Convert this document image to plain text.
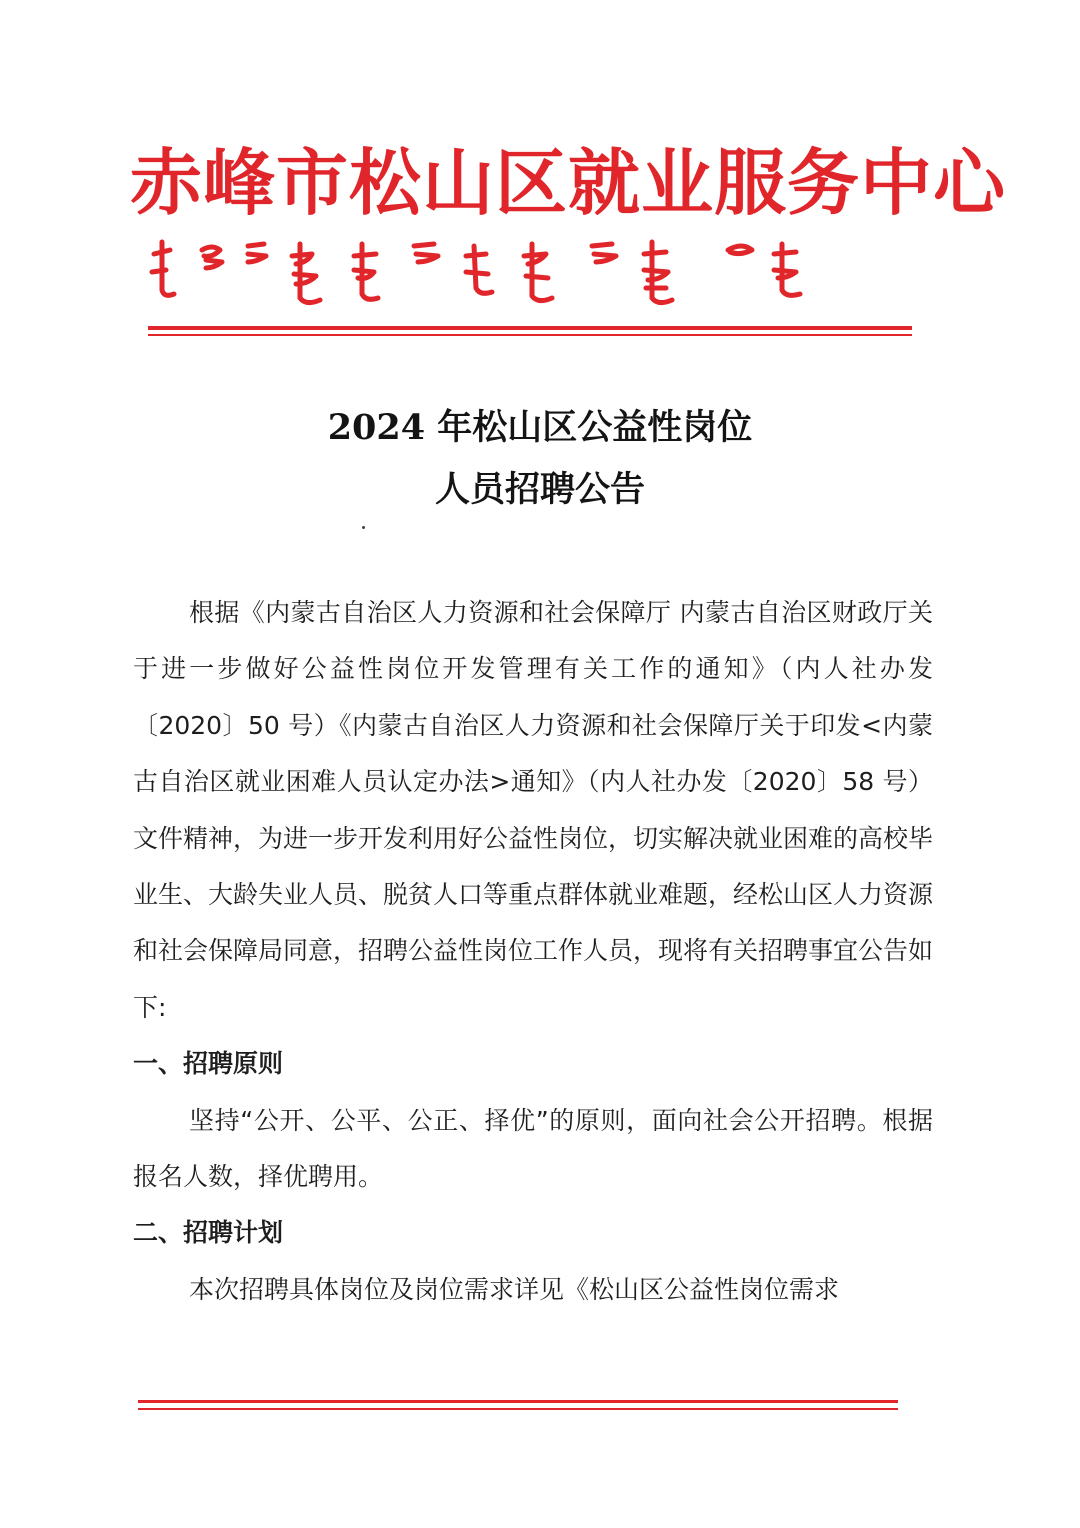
赤峰市松山区就业服务中心
2024 年松山区公益性岗位
人员招聘公告

根据《内蒙古自治区人力资源和社会保障厅 内蒙古自治区财政厅关于进一步做好公益性岗位开发管理有关工作的通知》（内人社办发〔2020〕50 号）《内蒙古自治区人力资源和社会保障厅关于印发<内蒙古自治区就业困难人员认定办法>通知》（内人社办发〔2020〕58 号）文件精神，为进一步开发利用好公益性岗位，切实解决就业困难的高校毕业生、大龄失业人员、脱贫人口等重点群体就业难题，经松山区人力资源和社会保障局同意，招聘公益性岗位工作人员，现将有关招聘事宜公告如下:

一、招聘原则

坚持“公开、公平、公正、择优”的原则，面向社会公开招聘。根据报名人数，择优聘用。

二、招聘计划

本次招聘具体岗位及岗位需求详见《松山区公益性岗位需求
